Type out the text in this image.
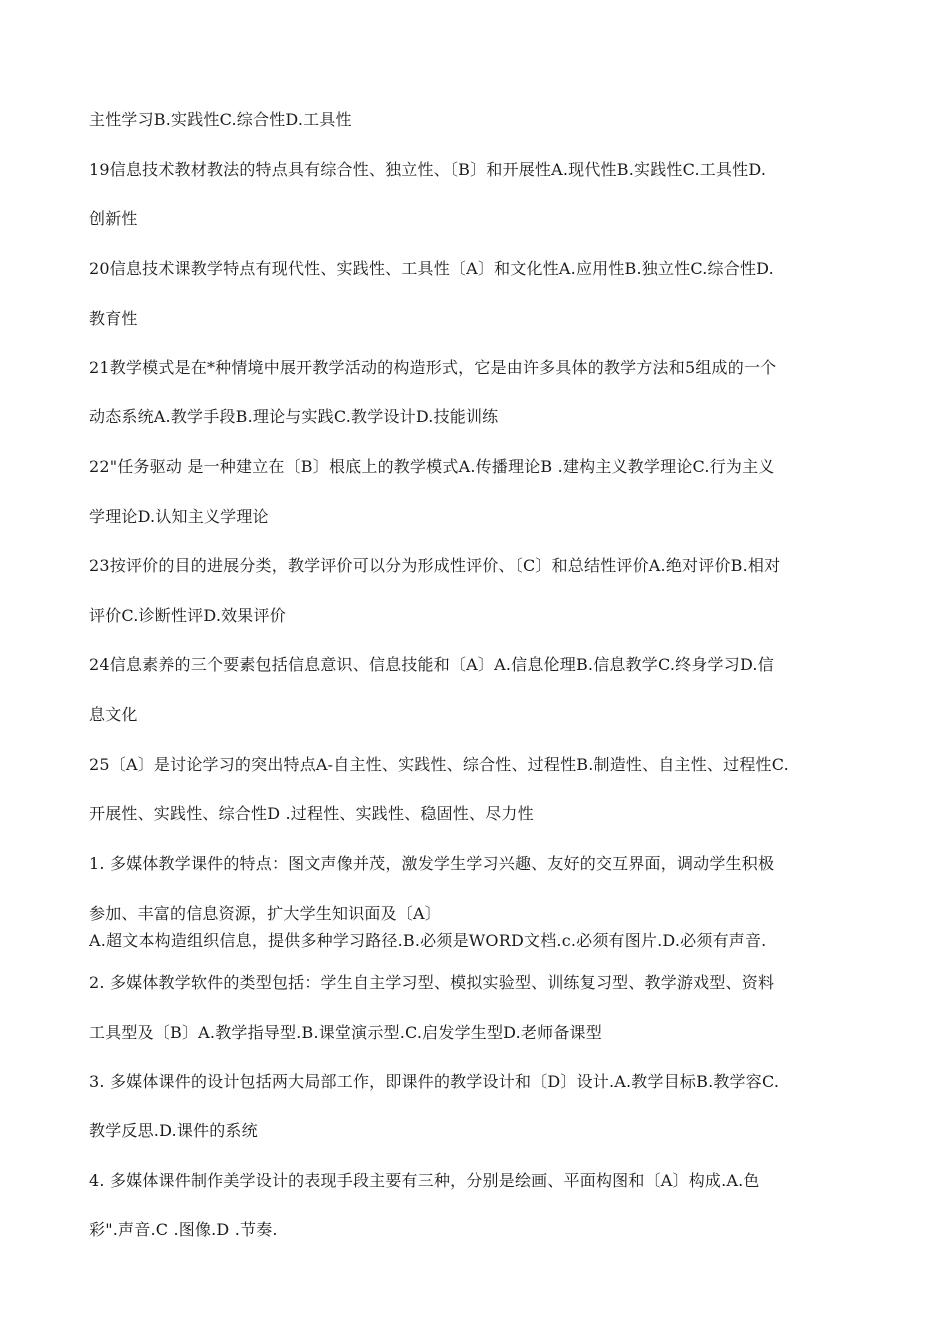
主性学习B.实践性C.综合性D.工具性
19信息技术教材教法的特点具有综合性、独立性、〔B〕和开展性A.现代性B.实践性C.工具性D.
创新性
20信息技术课教学特点有现代性、实践性、工具性〔A〕和文化性A.应用性B.独立性C.综合性D.
教育性
21教学模式是在*种情境中展开教学活动的构造形式，它是由许多具体的教学方法和5组成的一个
动态系统A.教学手段B.理论与实践C.教学设计D.技能训练
22"任务驱动 是一种建立在〔B〕根底上的教学模式A.传播理论B .建构主义教学理论C.行为主义
学理论D.认知主义学理论
23按评价的目的进展分类，教学评价可以分为形成性评价、〔C〕和总结性评价A.绝对评价B.相对
评价C.诊断性评D.效果评价
24信息素养的三个要素包括信息意识、信息技能和〔A〕A.信息伦理B.信息教学C.终身学习D.信
息文化
25〔A〕是讨论学习的突出特点A-自主性、实践性、综合性、过程性B.制造性、自主性、过程性C.
开展性、实践性、综合性D .过程性、实践性、稳固性、尽力性
1. 多媒体教学课件的特点：图文声像并茂，激发学生学习兴趣、友好的交互界面，调动学生积极
参加、丰富的信息资源，扩大学生知识面及〔A〕
A.超文本构造组织信息，提供多种学习路径.B.必须是WORD文档.c.必须有图片.D.必须有声音.
2. 多媒体教学软件的类型包括：学生自主学习型、模拟实验型、训练复习型、教学游戏型、资料
工具型及〔B〕A.教学指导型.B.课堂演示型.C.启发学生型D.老师备课型
3. 多媒体课件的设计包括两大局部工作，即课件的教学设计和〔D〕设计.A.教学目标B.教学容C.
教学反思.D.课件的系统
4. 多媒体课件制作美学设计的表现手段主要有三种，分别是绘画、平面构图和〔A〕构成.A.色
彩".声音.C .图像.D .节奏.
